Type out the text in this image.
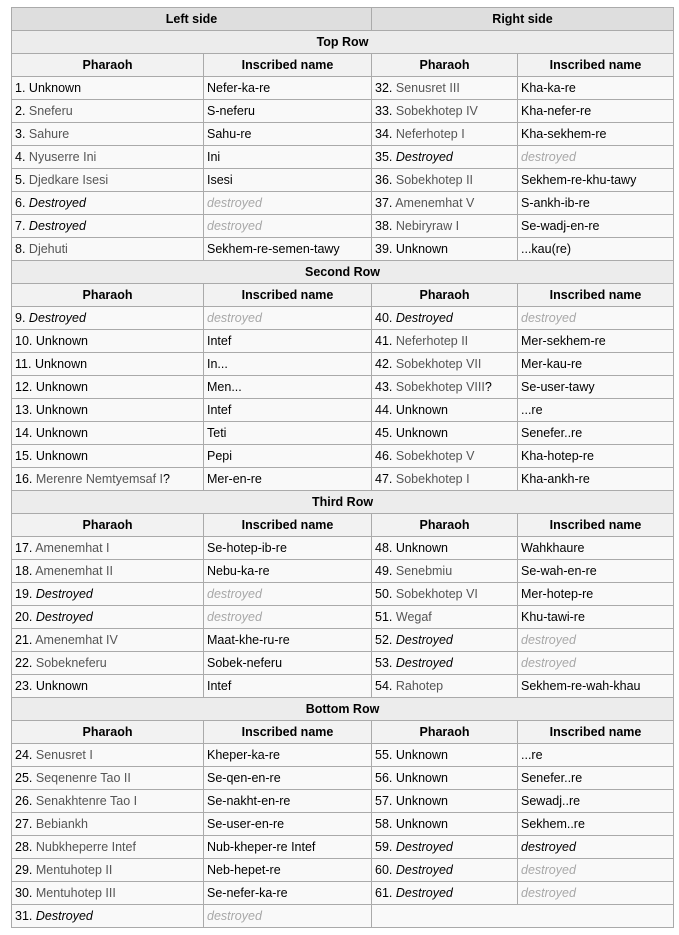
Left side		Right side	
Top Row			
Pharaoh	Inscribed name	Pharaoh	Inscribed name
1. Unknown	Nefer-ka-re	32. Senusret III	Kha-ka-re
2. Sneferu	S-neferu	33. Sobekhotep IV	Kha-nefer-re
3. Sahure	Sahu-re	34. Neferhotep I	Kha-sekhem-re
4. Nyuserre Ini	Ini	35. Destroyed	destroyed
5. Djedkare Isesi	Isesi	36. Sobekhotep II	Sekhem-re-khu-tawy
6. Destroyed	destroyed	37. Amenemhat V	S-ankh-ib-re
7. Destroyed	destroyed	38. Nebiryraw I	Se-wadj-en-re
8. Djehuti	Sekhem-re-semen-tawy	39. Unknown	...kau(re)
Second Row			
Pharaoh	Inscribed name	Pharaoh	Inscribed name
9. Destroyed	destroyed	40. Destroyed	destroyed
10. Unknown	Intef	41. Neferhotep II	Mer-sekhem-re
11. Unknown	In...	42. Sobekhotep VII	Mer-kau-re
12. Unknown	Men...	43. Sobekhotep VIII?	Se-user-tawy
13. Unknown	Intef	44. Unknown	...re
14. Unknown	Teti	45. Unknown	Senefer..re
15. Unknown	Pepi	46. Sobekhotep V	Kha-hotep-re
16. Merenre Nemtyemsaf I?	Mer-en-re	47. Sobekhotep I	Kha-ankh-re
Third Row			
Pharaoh	Inscribed name	Pharaoh	Inscribed name
17. Amenemhat I	Se-hotep-ib-re	48. Unknown	Wahkhaure
18. Amenemhat II	Nebu-ka-re	49. Senebmiu	Se-wah-en-re
19. Destroyed	destroyed	50. Sobekhotep VI	Mer-hotep-re
20. Destroyed	destroyed	51. Wegaf	Khu-tawi-re
21. Amenemhat IV	Maat-khe-ru-re	52. Destroyed	destroyed
22. Sobekneferu	Sobek-neferu	53. Destroyed	destroyed
23. Unknown	Intef	54. Rahotep	Sekhem-re-wah-khau
Bottom Row			
Pharaoh	Inscribed name	Pharaoh	Inscribed name
24. Senusret I	Kheper-ka-re	55. Unknown	...re
25. Seqenenre Tao II	Se-qen-en-re	56. Unknown	Senefer..re
26. Senakhtenre Tao I	Se-nakht-en-re	57. Unknown	Sewadj..re
27. Bebiankh	Se-user-en-re	58. Unknown	Sekhem..re
28. Nubkheperre Intef	Nub-kheper-re Intef	59. Destroyed	destroyed
29. Mentuhotep II	Neb-hepet-re	60. Destroyed	destroyed
30. Mentuhotep III	Se-nefer-ka-re	61. Destroyed	destroyed
31. Destroyed	destroyed		
